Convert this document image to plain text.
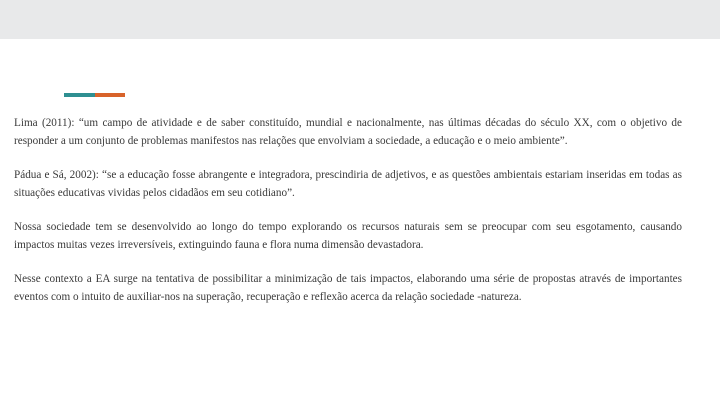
Lima (2011): “um campo de atividade e de saber constituído, mundial e nacionalmente, nas últimas décadas do século XX, com o objetivo de responder a um conjunto de problemas manifestos nas relações que envolviam a sociedade, a educação e o meio ambiente”.

Pádua e Sá, 2002): “se a educação fosse abrangente e integradora, prescindiria de adjetivos, e as questões ambientais estariam inseridas em todas as situações educativas vividas pelos cidadãos em seu cotidiano”.

Nossa sociedade tem se desenvolvido ao longo do tempo explorando os recursos naturais sem se preocupar com seu esgotamento, causando impactos muitas vezes irreversíveis, extinguindo fauna e flora numa dimensão devastadora.

Nesse contexto a EA surge na tentativa de possibilitar a minimização de tais impactos, elaborando uma série de propostas através de importantes eventos com o intuito de auxiliar-nos na superação, recuperação e reflexão acerca da relação sociedade -natureza.
